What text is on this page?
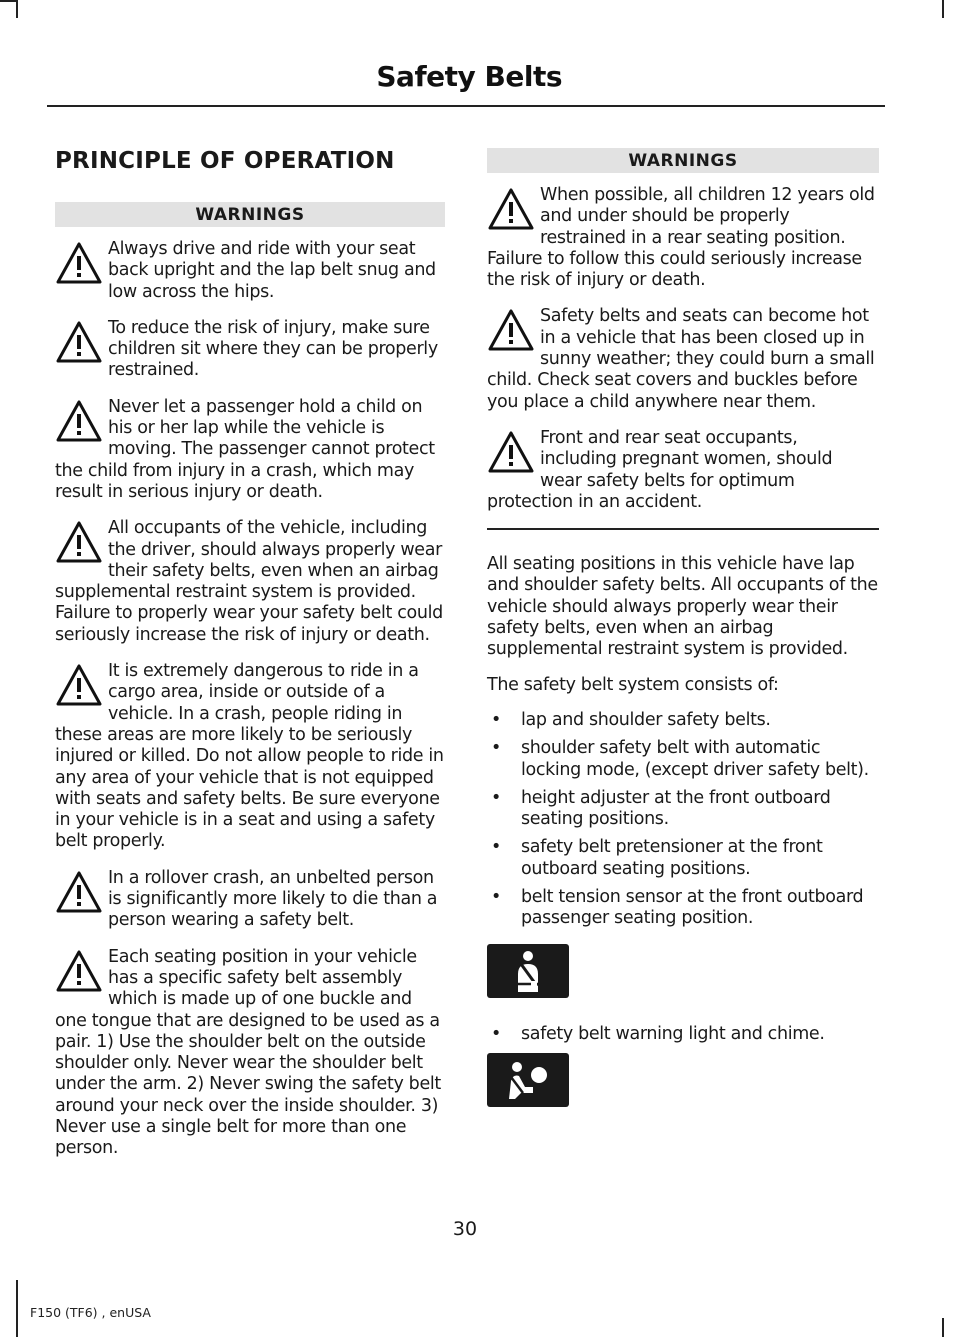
Safety Belts
PRINCIPLE OF OPERATION
WARNINGS
Always drive and ride with your seat back upright and the lap belt snug and low across the hips.
To reduce the risk of injury, make sure children sit where they can be properly restrained.
Never let a passenger hold a child on his or her lap while the vehicle is moving. The passenger cannot protect the child from injury in a crash, which may result in serious injury or death.
All occupants of the vehicle, including the driver, should always properly wear their safety belts, even when an airbag supplemental restraint system is provided. Failure to properly wear your safety belt could seriously increase the risk of injury or death.
It is extremely dangerous to ride in a cargo area, inside or outside of a vehicle. In a crash, people riding in these areas are more likely to be seriously injured or killed. Do not allow people to ride in any area of your vehicle that is not equipped with seats and safety belts. Be sure everyone in your vehicle is in a seat and using a safety belt properly.
In a rollover crash, an unbelted person is significantly more likely to die than a person wearing a safety belt.
Each seating position in your vehicle has a specific safety belt assembly which is made up of one buckle and one tongue that are designed to be used as a pair. 1) Use the shoulder belt on the outside shoulder only. Never wear the shoulder belt under the arm. 2) Never swing the safety belt around your neck over the inside shoulder. 3) Never use a single belt for more than one person.
WARNINGS
When possible, all children 12 years old and under should be properly restrained in a rear seating position. Failure to follow this could seriously increase the risk of injury or death.
Safety belts and seats can become hot in a vehicle that has been closed up in sunny weather; they could burn a small child. Check seat covers and buckles before you place a child anywhere near them.
Front and rear seat occupants, including pregnant women, should wear safety belts for optimum protection in an accident.

All seating positions in this vehicle have lap and shoulder safety belts. All occupants of the vehicle should always properly wear their safety belts, even when an airbag supplemental restraint system is provided.

The safety belt system consists of:

• lap and shoulder safety belts.
• shoulder safety belt with automatic locking mode, (except driver safety belt).
• height adjuster at the front outboard seating positions.
• safety belt pretensioner at the front outboard seating positions.
• belt tension sensor at the front outboard passenger seating position.
• safety belt warning light and chime.
30
F150 (TF6) , enUSA
